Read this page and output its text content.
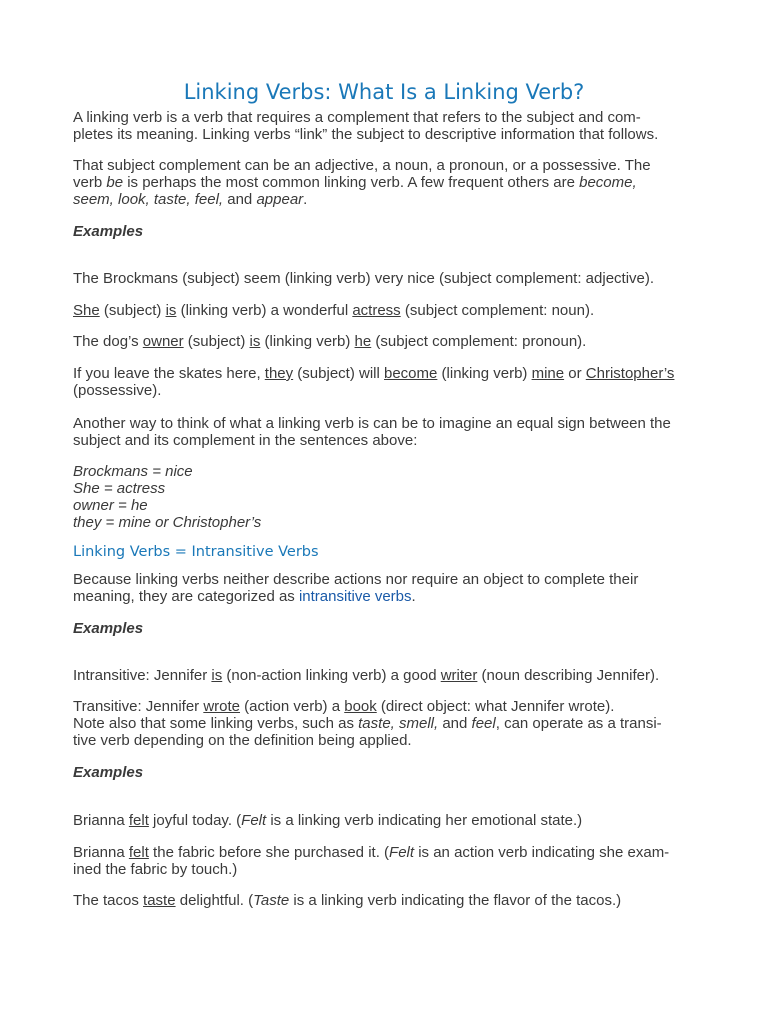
Linking Verbs: What Is a Linking Verb?

A linking verb is a verb that requires a complement that refers to the subject and com-
pletes its meaning. Linking verbs “link” the subject to descriptive information that follows.

That subject complement can be an adjective, a noun, a pronoun, or a possessive. The
verb be is perhaps the most common linking verb. A few frequent others are become,
seem, look, taste, feel, and appear.

Examples

The Brockmans (subject) seem (linking verb) very nice (subject complement: adjective).

She (subject) is (linking verb) a wonderful actress (subject complement: noun).

The dog’s owner (subject) is (linking verb) he (subject complement: pronoun).

If you leave the skates here, they (subject) will become (linking verb) mine or Christopher’s
(possessive).

Another way to think of what a linking verb is can be to imagine an equal sign between the
subject and its complement in the sentences above:

Brockmans = nice
She = actress
owner = he
they = mine or Christopher’s

Linking Verbs = Intransitive Verbs

Because linking verbs neither describe actions nor require an object to complete their
meaning, they are categorized as intransitive verbs.

Examples

Intransitive: Jennifer is (non-action linking verb) a good writer (noun describing Jennifer).

Transitive: Jennifer wrote (action verb) a book (direct object: what Jennifer wrote).
Note also that some linking verbs, such as taste, smell, and feel, can operate as a transi-
tive verb depending on the definition being applied.

Examples

Brianna felt joyful today. (Felt is a linking verb indicating her emotional state.)

Brianna felt the fabric before she purchased it. (Felt is an action verb indicating she exam-
ined the fabric by touch.)

The tacos taste delightful. (Taste is a linking verb indicating the flavor of the tacos.)
